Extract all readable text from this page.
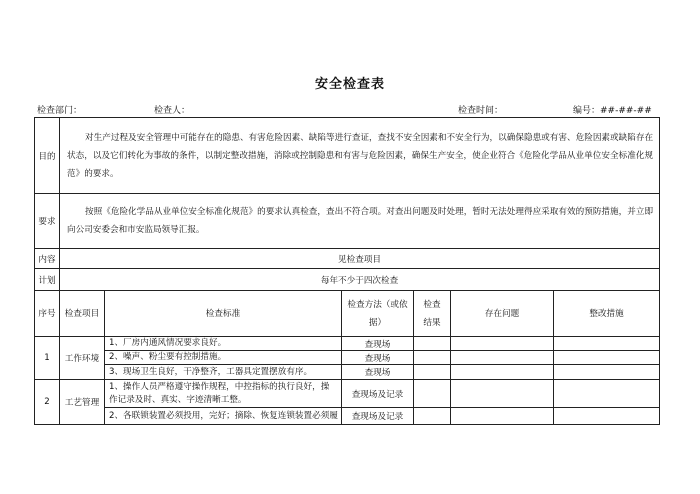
安全检查表
检查部门：	检查人：	检查时间：	编号：##-##-##
目的	对生产过程及安全管理中可能存在的隐患、有害危险因素、缺陷等进行查证，查找不安全因素和不安全行为，以确保隐患或有害、危险因素或缺陷存在状态，以及它们转化为事故的条件，以制定整改措施，消除或控制隐患和有害与危险因素，确保生产安全，使企业符合《危险化学品从业单位安全标准化规范》的要求。					
要求	按照《危险化学品从业单位安全标准化规范》的要求认真检查，查出不符合项。对查出问题及时处理，暂时无法处理得应采取有效的预防措施，并立即向公司安委会和市安监局领导汇报。					
内容	见检查项目					
计划	每年不少于四次检查					
序号	检查项目	检查标准	检查方法（或依据）	检查结果	存在问题	整改措施
1	工作环境	1、厂房内通风情况要求良好。	查现场			
		2、噪声、粉尘要有控制措施。	查现场			
		3、现场卫生良好，干净整齐，工器具定置摆放有序。	查现场			
2	工艺管理	1、操作人员严格遵守操作规程，中控指标的执行良好，操作记录及时、真实、字迹清晰工整。	查现场及记录			
		2、各联锁装置必须投用，完好；摘除、恢复连锁装置必须履	查现场及记录			
